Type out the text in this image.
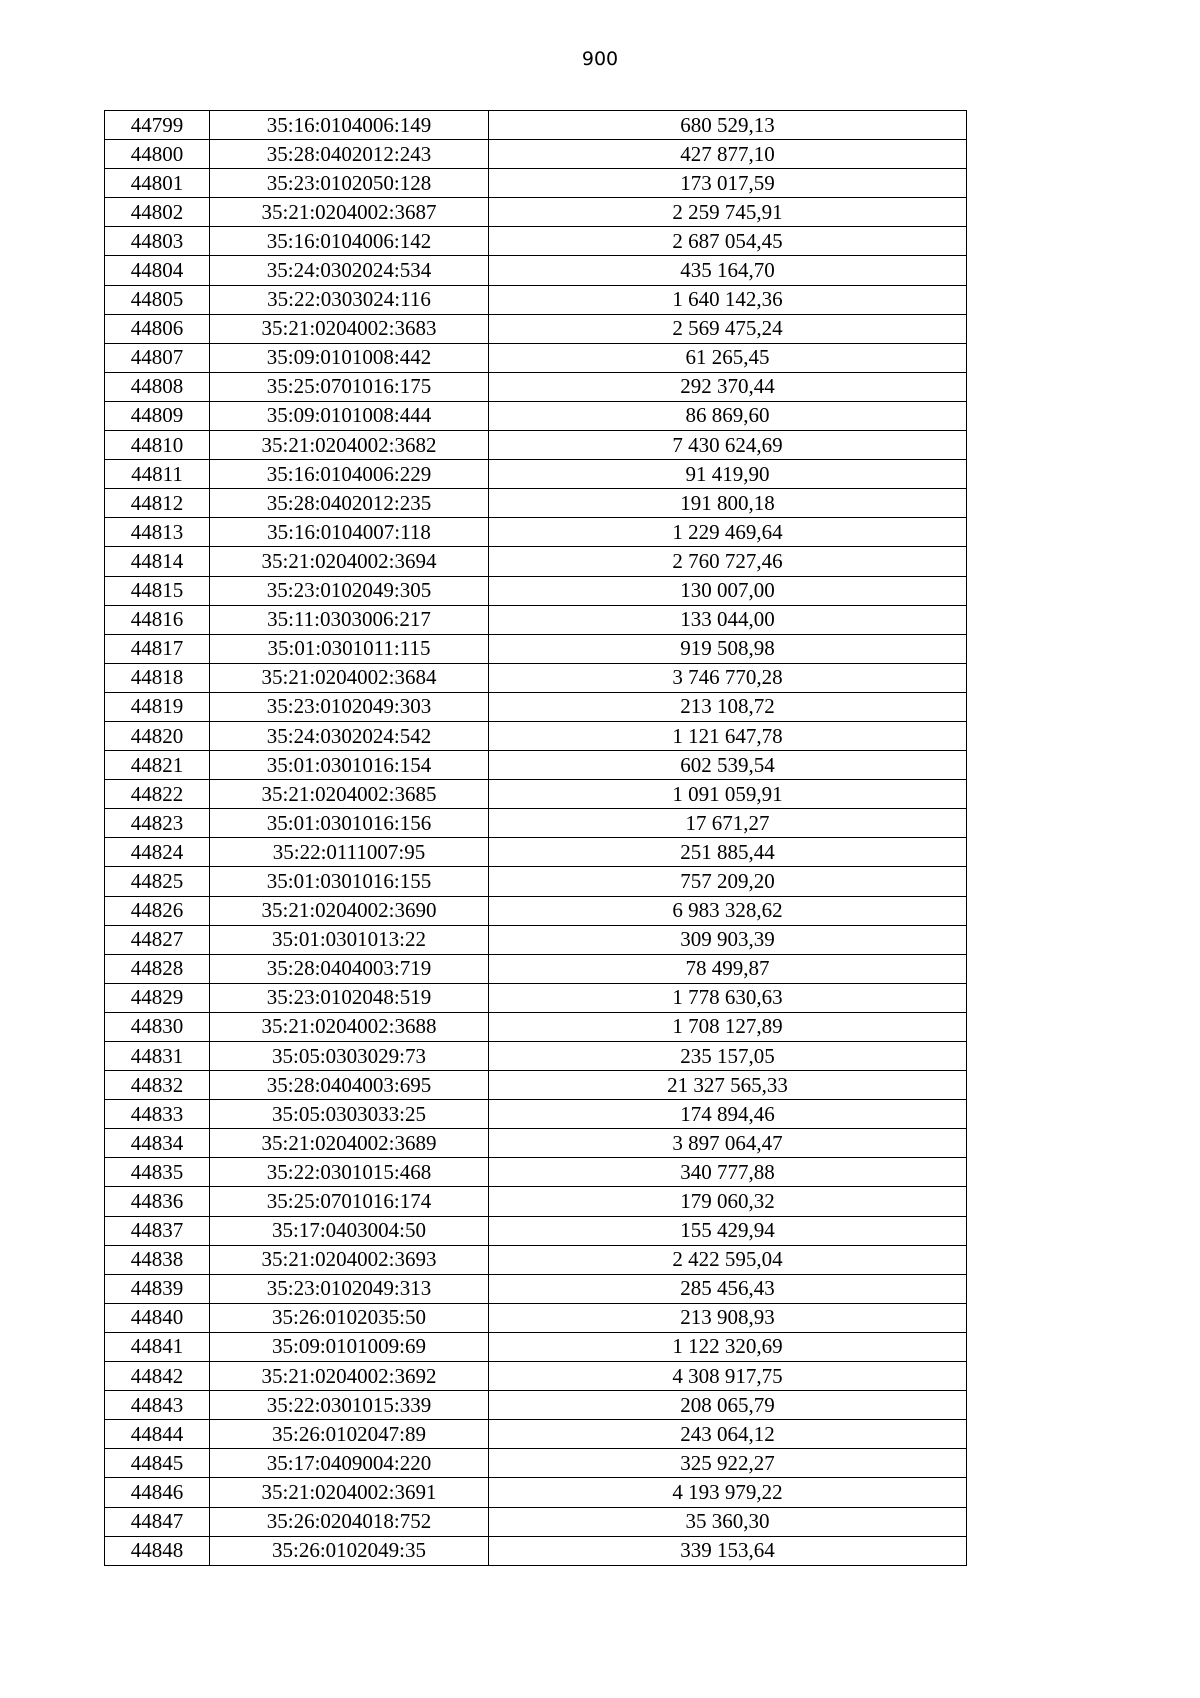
900
44799	35:16:0104006:149	680 529,13
44800	35:28:0402012:243	427 877,10
44801	35:23:0102050:128	173 017,59
44802	35:21:0204002:3687	2 259 745,91
44803	35:16:0104006:142	2 687 054,45
44804	35:24:0302024:534	435 164,70
44805	35:22:0303024:116	1 640 142,36
44806	35:21:0204002:3683	2 569 475,24
44807	35:09:0101008:442	61 265,45
44808	35:25:0701016:175	292 370,44
44809	35:09:0101008:444	86 869,60
44810	35:21:0204002:3682	7 430 624,69
44811	35:16:0104006:229	91 419,90
44812	35:28:0402012:235	191 800,18
44813	35:16:0104007:118	1 229 469,64
44814	35:21:0204002:3694	2 760 727,46
44815	35:23:0102049:305	130 007,00
44816	35:11:0303006:217	133 044,00
44817	35:01:0301011:115	919 508,98
44818	35:21:0204002:3684	3 746 770,28
44819	35:23:0102049:303	213 108,72
44820	35:24:0302024:542	1 121 647,78
44821	35:01:0301016:154	602 539,54
44822	35:21:0204002:3685	1 091 059,91
44823	35:01:0301016:156	17 671,27
44824	35:22:0111007:95	251 885,44
44825	35:01:0301016:155	757 209,20
44826	35:21:0204002:3690	6 983 328,62
44827	35:01:0301013:22	309 903,39
44828	35:28:0404003:719	78 499,87
44829	35:23:0102048:519	1 778 630,63
44830	35:21:0204002:3688	1 708 127,89
44831	35:05:0303029:73	235 157,05
44832	35:28:0404003:695	21 327 565,33
44833	35:05:0303033:25	174 894,46
44834	35:21:0204002:3689	3 897 064,47
44835	35:22:0301015:468	340 777,88
44836	35:25:0701016:174	179 060,32
44837	35:17:0403004:50	155 429,94
44838	35:21:0204002:3693	2 422 595,04
44839	35:23:0102049:313	285 456,43
44840	35:26:0102035:50	213 908,93
44841	35:09:0101009:69	1 122 320,69
44842	35:21:0204002:3692	4 308 917,75
44843	35:22:0301015:339	208 065,79
44844	35:26:0102047:89	243 064,12
44845	35:17:0409004:220	325 922,27
44846	35:21:0204002:3691	4 193 979,22
44847	35:26:0204018:752	35 360,30
44848	35:26:0102049:35	339 153,64
